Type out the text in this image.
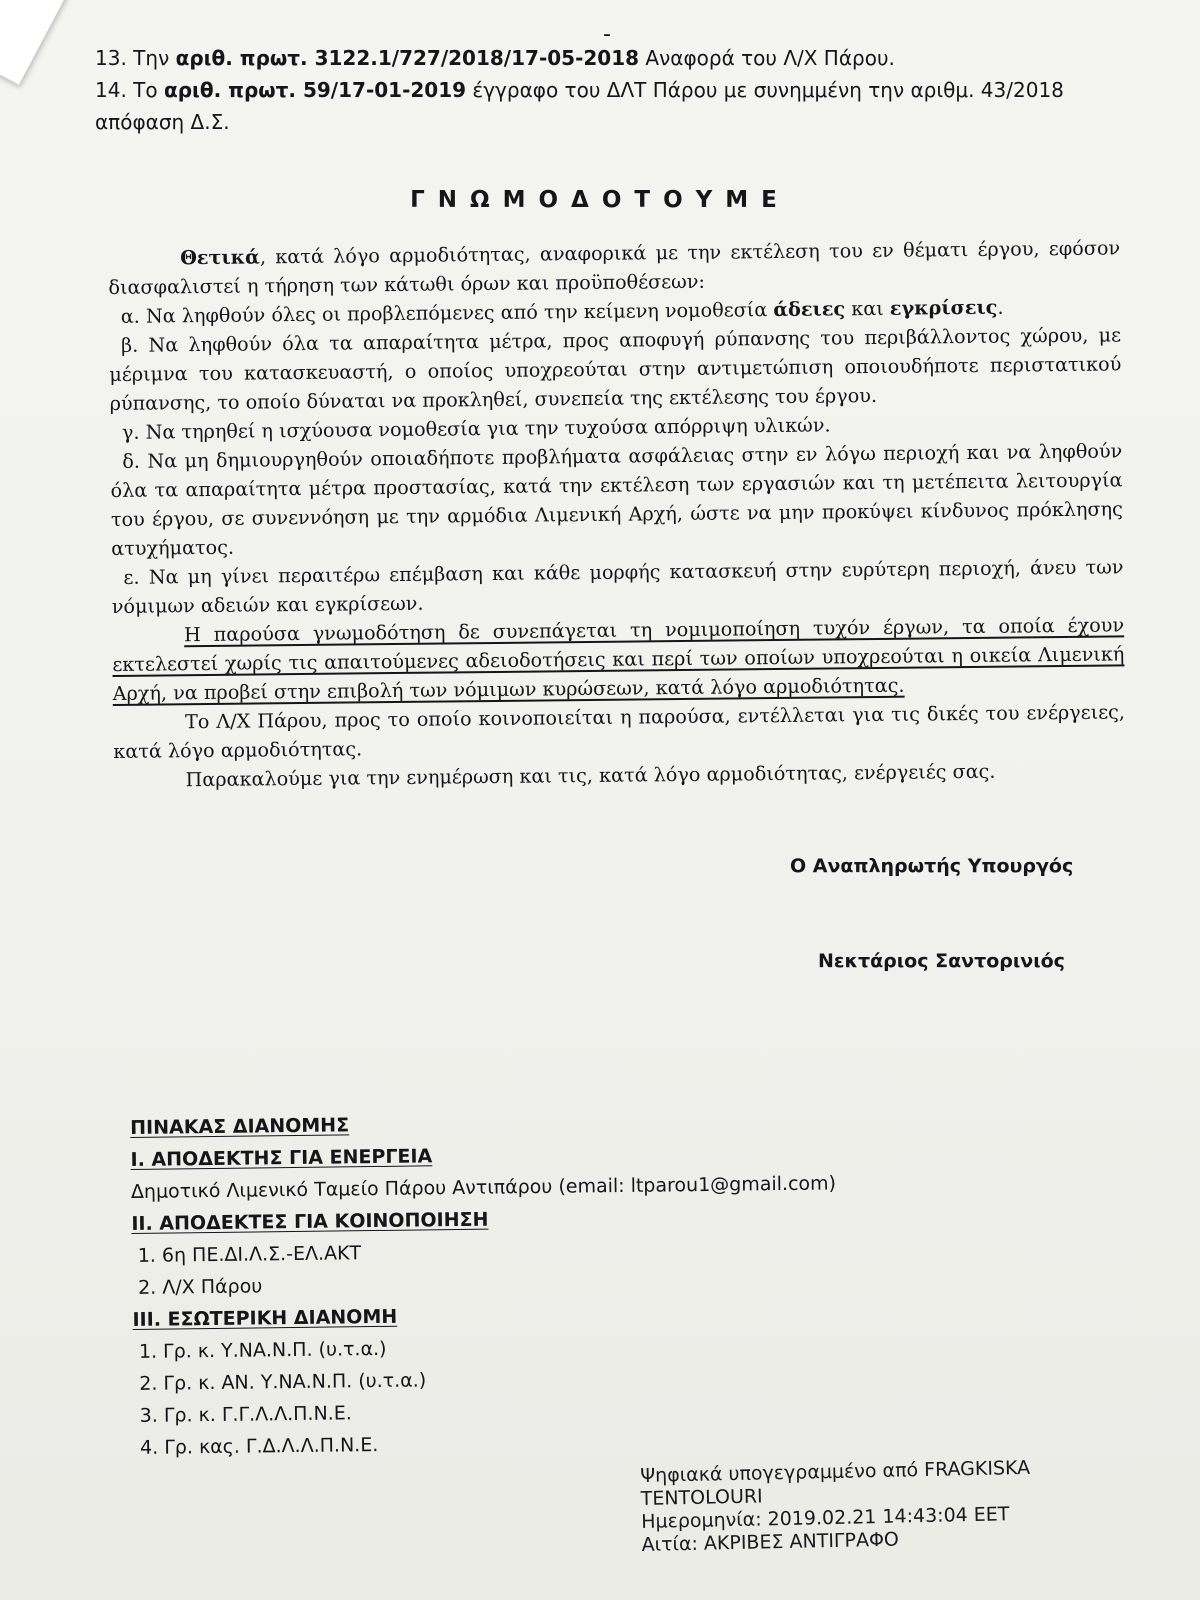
-

13. Την αριθ. πρωτ. 3122.1/727/2018/17-05-2018 Αναφορά του Λ/Χ Πάρου.

14. Το αριθ. πρωτ. 59/17-01-2019 έγγραφο του ΔΛΤ Πάρου με συνημμένη την αριθμ. 43/2018 απόφαση Δ.Σ.

ΓΝΩΜΟΔΟΤΟΥΜΕ

Θετικά, κατά λόγο αρμοδιότητας, αναφορικά με την εκτέλεση του εν θέματι έργου, εφόσον διασφαλιστεί η τήρηση των κάτωθι όρων και προϋποθέσεων:

α. Να ληφθούν όλες οι προβλεπόμενες από την κείμενη νομοθεσία άδειες και εγκρίσεις.

β. Να ληφθούν όλα τα απαραίτητα μέτρα, προς αποφυγή ρύπανσης του περιβάλλοντος χώρου, με μέριμνα του κατασκευαστή, ο οποίος υποχρεούται στην αντιμετώπιση οποιουδήποτε περιστατικού ρύπανσης, το οποίο δύναται να προκληθεί, συνεπεία της εκτέλεσης του έργου.

γ. Να τηρηθεί η ισχύουσα νομοθεσία για την τυχούσα απόρριψη υλικών.

δ. Να μη δημιουργηθούν οποιαδήποτε προβλήματα ασφάλειας στην εν λόγω περιοχή και να ληφθούν όλα τα απαραίτητα μέτρα προστασίας, κατά την εκτέλεση των εργασιών και τη μετέπειτα λειτουργία του έργου, σε συνεννόηση με την αρμόδια Λιμενική Αρχή, ώστε να μην προκύψει κίνδυνος πρόκλησης ατυχήματος.

ε. Να μη γίνει περαιτέρω επέμβαση και κάθε μορφής κατασκευή στην ευρύτερη περιοχή, άνευ των νόμιμων αδειών και εγκρίσεων.

Η παρούσα γνωμοδότηση δε συνεπάγεται τη νομιμοποίηση τυχόν έργων, τα οποία έχουν εκτελεστεί χωρίς τις απαιτούμενες αδειοδοτήσεις και περί των οποίων υποχρεούται η οικεία Λιμενική Αρχή, να προβεί στην επιβολή των νόμιμων κυρώσεων, κατά λόγο αρμοδιότητας.

Το Λ/Χ Πάρου, προς το οποίο κοινοποιείται η παρούσα, εντέλλεται για τις δικές του ενέργειες, κατά λόγο αρμοδιότητας.

Παρακαλούμε για την ενημέρωση και τις, κατά λόγο αρμοδιότητας, ενέργειές σας.

Ο Αναπληρωτής Υπουργός
Νεκτάριος Σαντορινιός

ΠΙΝΑΚΑΣ ΔΙΑΝΟΜΗΣ

Ι. ΑΠΟΔΕΚΤΗΣ ΓΙΑ ΕΝΕΡΓΕΙΑ

Δημοτικό Λιμενικό Ταμείο Πάρου Αντιπάρου (email: ltparou1@gmail.com)

ΙΙ. ΑΠΟΔΕΚΤΕΣ ΓΙΑ ΚΟΙΝΟΠΟΙΗΣΗ

1. 6η ΠΕ.ΔΙ.Λ.Σ.-ΕΛ.ΑΚΤ

2. Λ/Χ Πάρου

ΙΙΙ. ΕΣΩΤΕΡΙΚΗ ΔΙΑΝΟΜΗ

1. Γρ. κ. Υ.ΝΑ.Ν.Π. (υ.τ.α.)

2. Γρ. κ. ΑΝ. Υ.ΝΑ.Ν.Π. (υ.τ.α.)

3. Γρ. κ. Γ.Γ.Λ.Λ.Π.Ν.Ε.

4. Γρ. κας. Γ.Δ.Λ.Λ.Π.Ν.Ε.

Ψηφιακά υπογεγραμμένο από FRAGKISKA

TENTOLOURI

Ημερομηνία: 2019.02.21 14:43:04 EET

Αιτία: ΑΚΡΙΒΕΣ ΑΝΤΙΓΡΑΦΟ
